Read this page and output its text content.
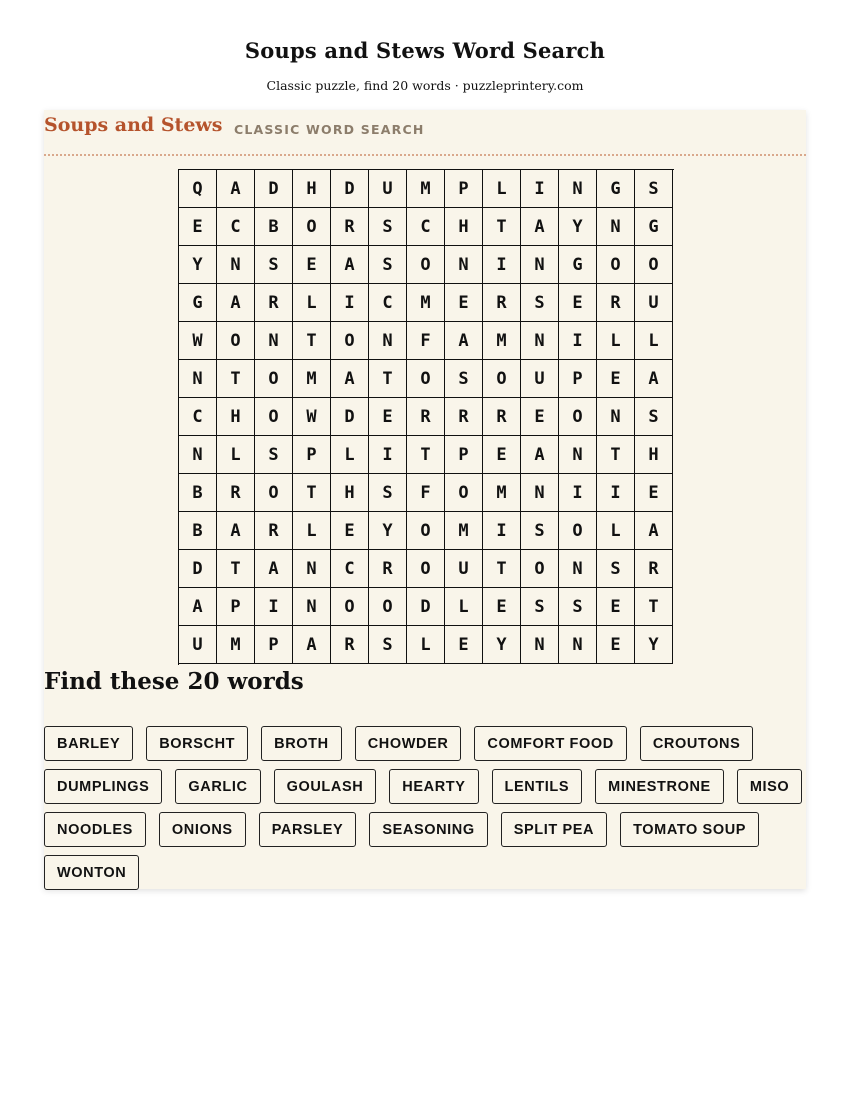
Soups and Stews Word Search
Classic puzzle, find 20 words · puzzleprintery.com
Soups and Stews CLASSIC WORD SEARCH
Q	A	D	H	D	U	M	P	L	I	N	G	S
E	C	B	O	R	S	C	H	T	A	Y	N	G
Y	N	S	E	A	S	O	N	I	N	G	O	O
G	A	R	L	I	C	M	E	R	S	E	R	U
W	O	N	T	O	N	F	A	M	N	I	L	L
N	T	O	M	A	T	O	S	O	U	P	E	A
C	H	O	W	D	E	R	R	R	E	O	N	S
N	L	S	P	L	I	T	P	E	A	N	T	H
B	R	O	T	H	S	F	O	M	N	I	I	E
B	A	R	L	E	Y	O	M	I	S	O	L	A
D	T	A	N	C	R	O	U	T	O	N	S	R
A	P	I	N	O	O	D	L	E	S	S	E	T
U	M	P	A	R	S	L	E	Y	N	N	E	Y
Find these 20 words
BARLEY	BORSCHT	BROTH	CHOWDER	COMFORT FOOD	CROUTONS
DUMPLINGS	GARLIC	GOULASH	HEARTY	LENTILS	MINESTRONE	MISO
NOODLES	ONIONS	PARSLEY	SEASONING	SPLIT PEA	TOMATO SOUP
WONTON
